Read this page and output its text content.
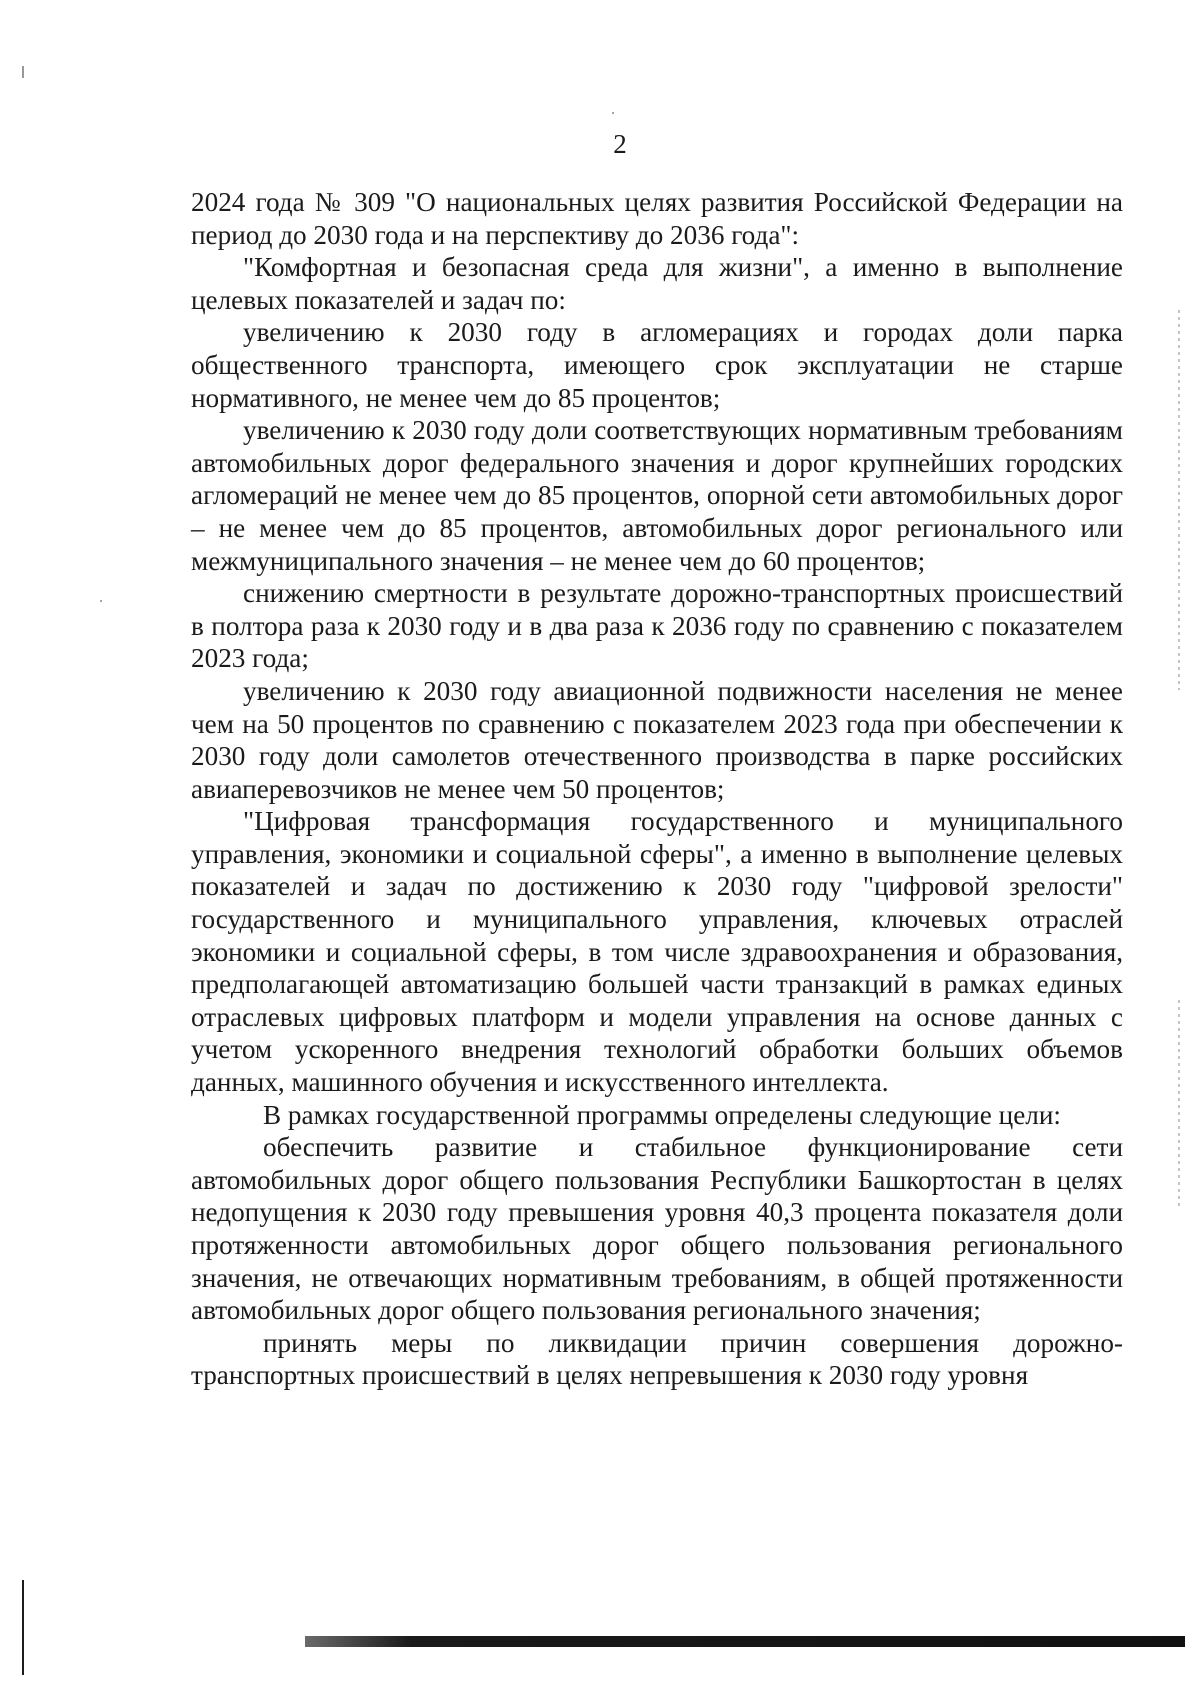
2

2024 года № 309 "О национальных целях развития Российской Федерации на период до 2030 года и на перспективу до 2036 года":

"Комфортная и безопасная среда для жизни", а именно в выполнение целевых показателей и задач по:

увеличению к 2030 году в агломерациях и городах доли парка общественного транспорта, имеющего срок эксплуатации не старше нормативного, не менее чем до 85 процентов;

увеличению к 2030 году доли соответствующих нормативным требованиям автомобильных дорог федерального значения и дорог крупнейших городских агломераций не менее чем до 85 процентов, опорной сети автомобильных дорог – не менее чем до 85 процентов, автомобильных дорог регионального или межмуниципального значения – не менее чем до 60 процентов;

снижению смертности в результате дорожно-транспортных происшествий в полтора раза к 2030 году и в два раза к 2036 году по сравнению с показателем 2023 года;

увеличению к 2030 году авиационной подвижности населения не менее чем на 50 процентов по сравнению с показателем 2023 года при обеспечении к 2030 году доли самолетов отечественного производства в парке российских авиаперевозчиков не менее чем 50 процентов;

"Цифровая трансформация государственного и муниципального управления, экономики и социальной сферы", а именно в выполнение целевых показателей и задач по достижению к 2030 году "цифровой зрелости" государственного и муниципального управления, ключевых отраслей экономики и социальной сферы, в том числе здравоохранения и образования, предполагающей автоматизацию большей части транзакций в рамках единых отраслевых цифровых платформ и модели управления на основе данных с учетом ускоренного внедрения технологий обработки больших объемов данных, машинного обучения и искусственного интеллекта.

В рамках государственной программы определены следующие цели:

обеспечить развитие и стабильное функционирование сети автомобильных дорог общего пользования Республики Башкортостан в целях недопущения к 2030 году превышения уровня 40,3 процента показателя доли протяженности автомобильных дорог общего пользования регионального значения, не отвечающих нормативным требованиям, в общей протяженности автомобильных дорог общего пользования регионального значения;

принять меры по ликвидации причин совершения дорожно-транспортных происшествий в целях непревышения к 2030 году уровня
